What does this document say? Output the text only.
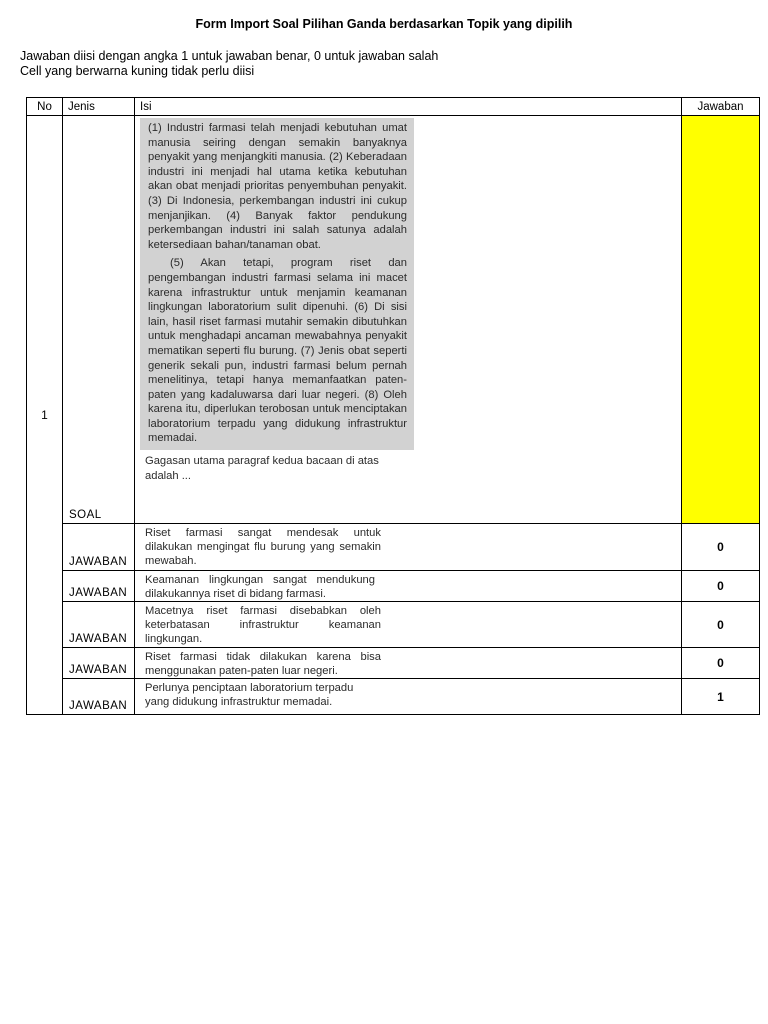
Form Import Soal Pilihan Ganda berdasarkan Topik yang dipilih
Jawaban diisi dengan angka 1 untuk jawaban benar, 0 untuk jawaban salah
Cell yang berwarna kuning tidak perlu diisi
No	Jenis	Isi	Jawaban
1	SOAL	(1) Industri farmasi telah menjadi kebutuhan umat manusia seiring dengan semakin banyaknya penyakit yang menjangkiti manusia. (2) Keberadaan industri ini menjadi hal utama ketika kebutuhan akan obat menjadi prioritas penyembuhan penyakit. (3) Di Indonesia, perkembangan industri ini cukup menjanjikan. (4) Banyak faktor pendukung perkembangan industri ini salah satunya adalah ketersediaan bahan/tanaman obat.

(5) Akan tetapi, program riset dan pengembangan industri farmasi selama ini macet karena infrastruktur untuk menjamin keamanan lingkungan laboratorium sulit dipenuhi. (6) Di sisi lain, hasil riset farmasi mutahir semakin dibutuhkan untuk menghadapi ancaman mewabahnya penyakit mematikan seperti flu burung. (7) Jenis obat seperti generik sekali pun, industri farmasi belum pernah menelitinya, tetapi hanya memanfaatkan paten-paten yang kadaluwarsa dari luar negeri. (8) Oleh karena itu, diperlukan terobosan untuk menciptakan laboratorium terpadu yang didukung infrastruktur memadai.

Gagasan utama paragraf kedua bacaan di atas adalah ...	

	JAWABAN	Riset farmasi sangat mendesak untuk dilakukan mengingat flu burung yang semakin mewabah.	0
	JAWABAN	Keamanan lingkungan sangat mendukung dilakukannya riset di bidang farmasi.	0
	JAWABAN	Macetnya riset farmasi disebabkan oleh keterbatasan infrastruktur keamanan lingkungan.	0
	JAWABAN	Riset farmasi tidak dilakukan karena bisa menggunakan paten-paten luar negeri.	0
	JAWABAN	Perlunya penciptaan laboratorium terpadu yang didukung infrastruktur memadai.	1
